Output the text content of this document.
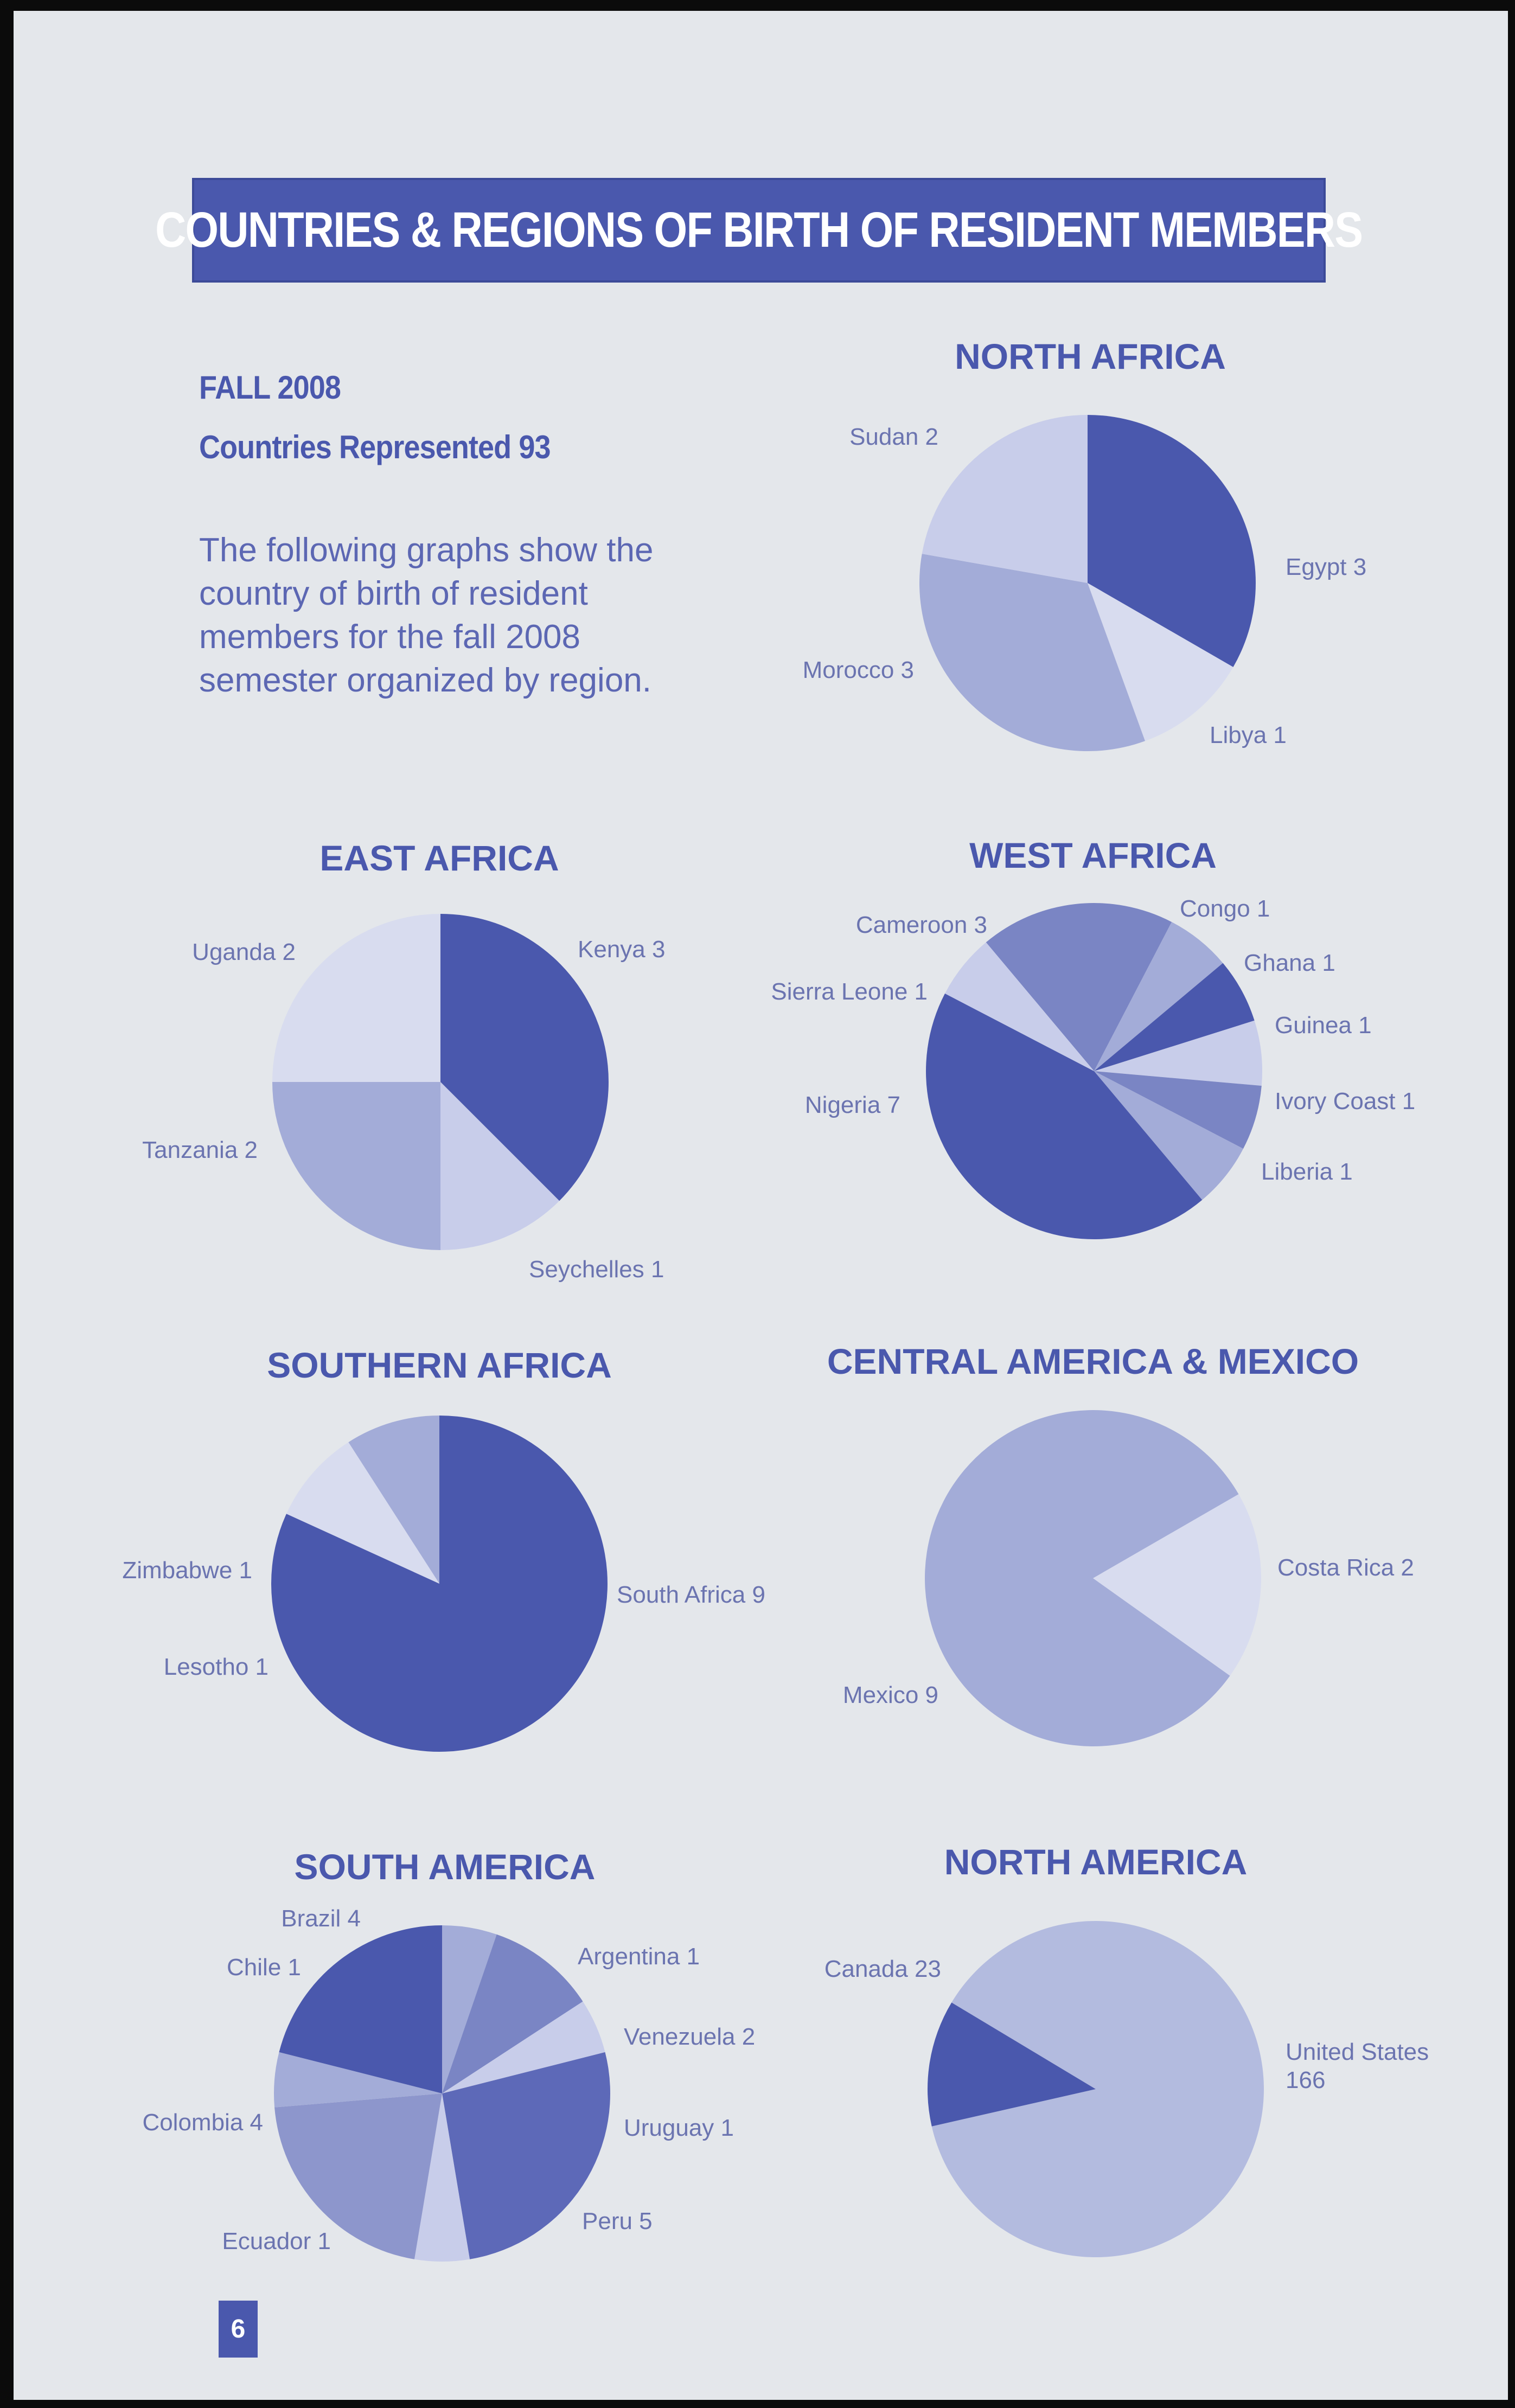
COUNTRIES & REGIONS OF BIRTH OF RESIDENT MEMBERS
FALL 2008
Countries Represented 93
The following graphs show the
country of birth of resident
members for the fall 2008
semester organized by region.
NORTH AFRICA
Egypt 3
Libya 1
Morocco 3
Sudan 2
EAST AFRICA
Kenya 3
Seychelles 1
Tanzania 2
Uganda 2
WEST AFRICA
Cameroon 3
Congo 1
Ghana 1
Guinea 1
Ivory Coast 1
Liberia 1
Nigeria 7
Sierra Leone 1
SOUTHERN AFRICA
South Africa 9
Lesotho 1
Zimbabwe 1
CENTRAL AMERICA & MEXICO
Costa Rica 2
Mexico 9
SOUTH AMERICA
Argentina 1
Venezuela 2
Uruguay 1
Peru 5
Ecuador 1
Colombia 4
Chile 1
Brazil 4
NORTH AMERICA
United States 166
Canada 23
6
